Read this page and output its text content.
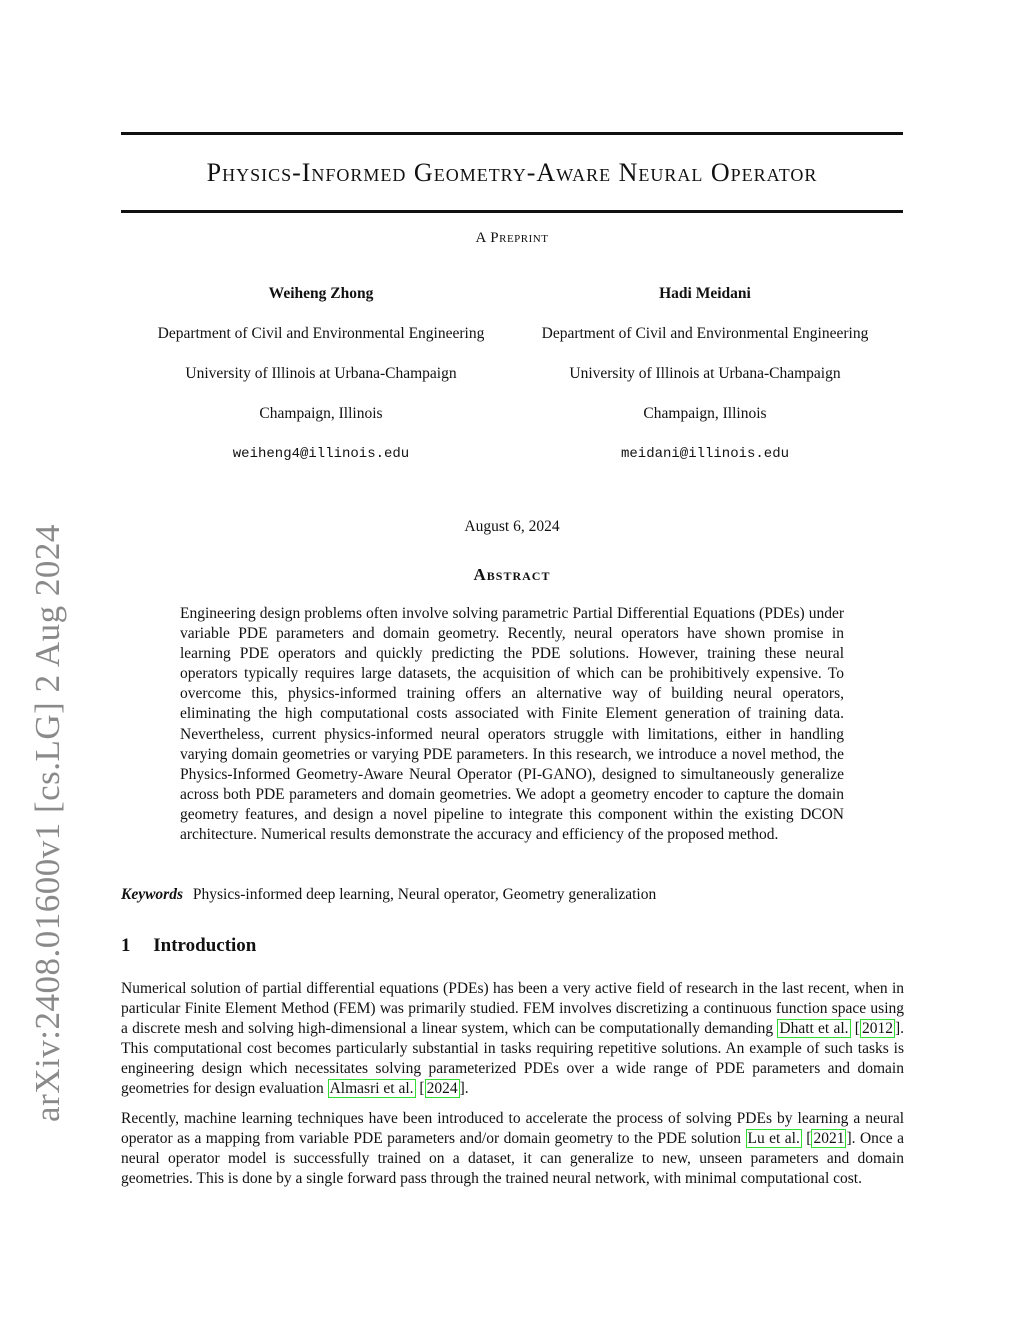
arXiv:2408.01600v1 [cs.LG] 2 Aug 2024
Physics-Informed Geometry-Aware Neural Operator
A Preprint
Weiheng Zhong
Department of Civil and Environmental Engineering
University of Illinois at Urbana-Champaign
Champaign, Illinois
weiheng4@illinois.edu
Hadi Meidani
Department of Civil and Environmental Engineering
University of Illinois at Urbana-Champaign
Champaign, Illinois
meidani@illinois.edu
August 6, 2024
Abstract
Engineering design problems often involve solving parametric Partial Differential Equations (PDEs) under variable PDE parameters and domain geometry. Recently, neural operators have shown promise in learning PDE operators and quickly predicting the PDE solutions. However, training these neural operators typically requires large datasets, the acquisition of which can be prohibitively expensive. To overcome this, physics-informed training offers an alternative way of building neural operators, eliminating the high computational costs associated with Finite Element generation of training data. Nevertheless, current physics-informed neural operators struggle with limitations, either in handling varying domain geometries or varying PDE parameters. In this research, we introduce a novel method, the Physics-Informed Geometry-Aware Neural Operator (PI-GANO), designed to simultaneously generalize across both PDE parameters and domain geometries. We adopt a geometry encoder to capture the domain geometry features, and design a novel pipeline to integrate this component within the existing DCON architecture. Numerical results demonstrate the accuracy and efficiency of the proposed method.
Keywords Physics-informed deep learning, Neural operator, Geometry generalization
1 Introduction
Numerical solution of partial differential equations (PDEs) has been a very active field of research in the last recent, when in particular Finite Element Method (FEM) was primarily studied. FEM involves discretizing a continuous function space using a discrete mesh and solving high-dimensional a linear system, which can be computationally demanding Dhatt et al. [ 2012 ]. This computational cost becomes particularly substantial in tasks requiring repetitive solutions. An example of such tasks is engineering design which necessitates solving parameterized PDEs over a wide range of PDE parameters and domain geometries for design evaluation Almasri et al. [ 2024 ].
Recently, machine learning techniques have been introduced to accelerate the process of solving PDEs by learning a neural operator as a mapping from variable PDE parameters and/or domain geometry to the PDE solution Lu et al. [ 2021 ]. Once a neural operator model is successfully trained on a dataset, it can generalize to new, unseen parameters and domain geometries. This is done by a single forward pass through the trained neural network, with minimal computational cost.
